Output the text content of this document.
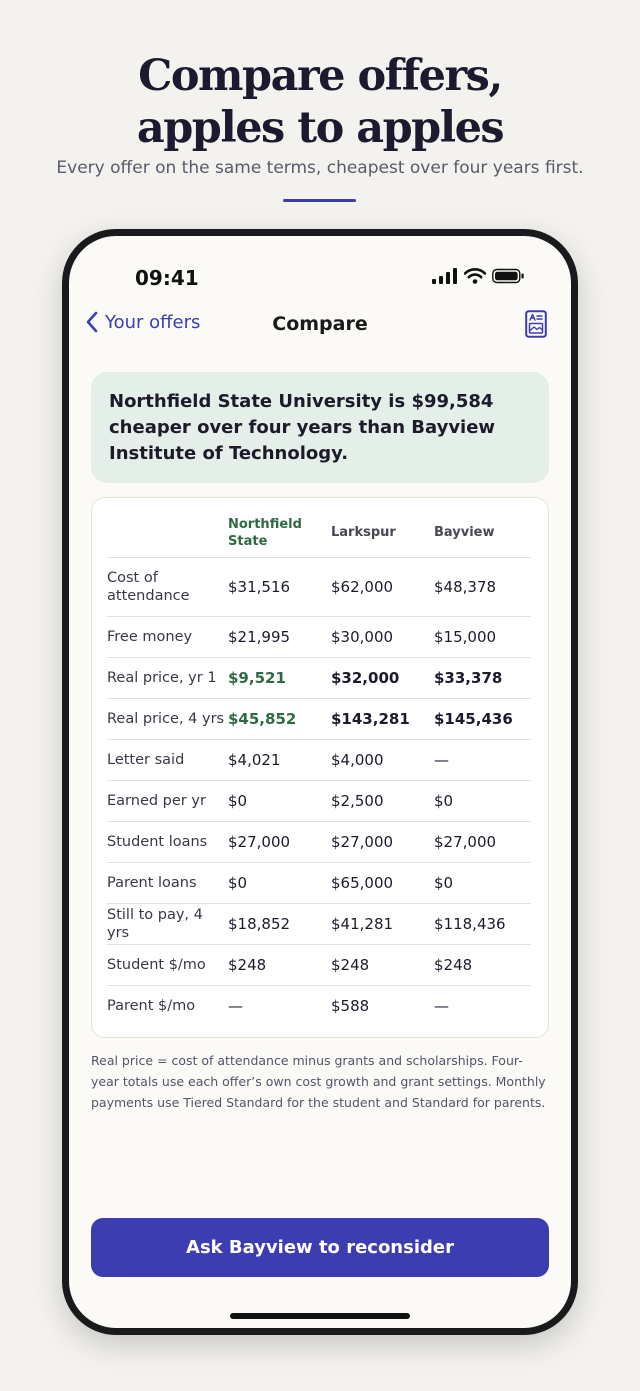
Compare offers,
apples to apples
Every offer on the same terms, cheapest over four years first.
09:41
Your offers	Compare
Northfield State University is $99,584 cheaper over four years than Bayview Institute of Technology.
	Northfield State	Larkspur	Bayview
Cost of attendance	$31,516	$62,000	$48,378
Free money	$21,995	$30,000	$15,000
Real price, yr 1	$9,521	$32,000	$33,378
Real price, 4 yrs	$45,852	$143,281	$145,436
Letter said	$4,021	$4,000	—
Earned per yr	$0	$2,500	$0
Student loans	$27,000	$27,000	$27,000
Parent loans	$0	$65,000	$0
Still to pay, 4 yrs	$18,852	$41,281	$118,436
Student $/mo	$248	$248	$248
Parent $/mo	—	$588	—
Real price = cost of attendance minus grants and scholarships. Four-year totals use each offer’s own cost growth and grant settings. Monthly payments use Tiered Standard for the student and Standard for parents.
Ask Bayview to reconsider
